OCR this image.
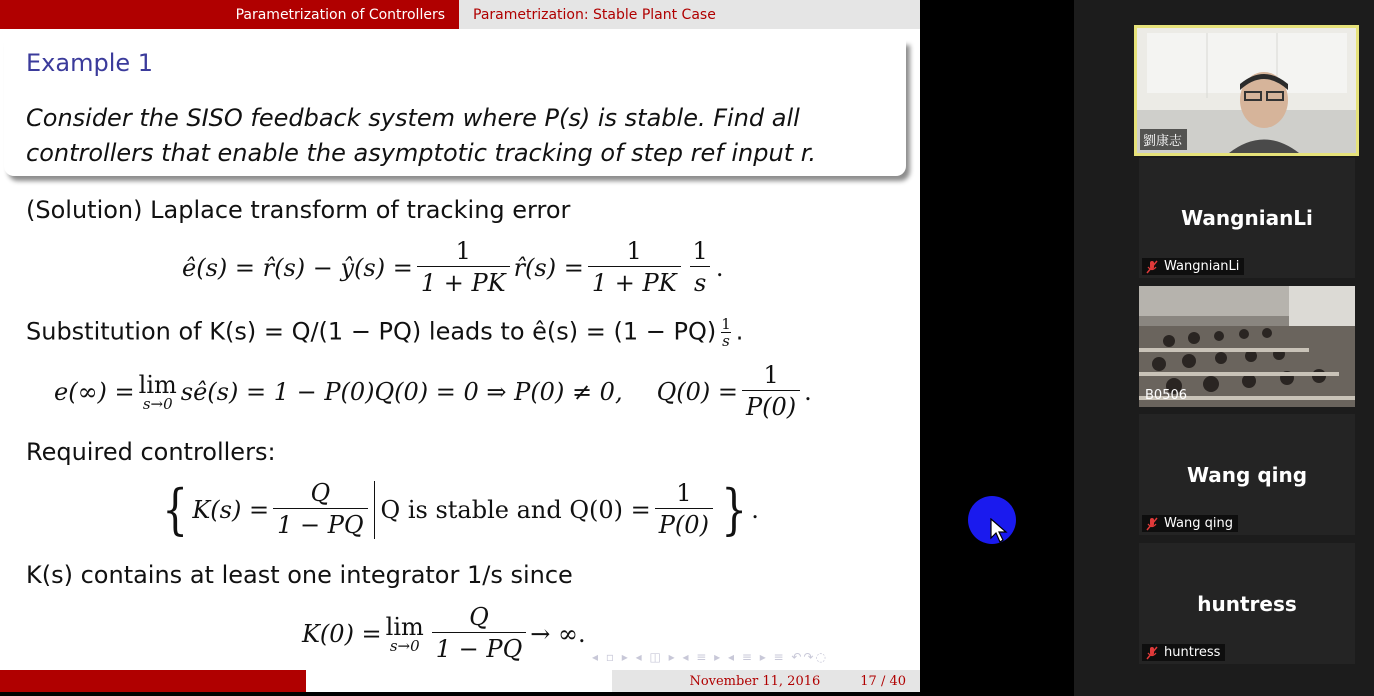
Parametrization of Controllers	Parametrization: Stable Plant Case
Example 1
Consider the SISO feedback system where P(s) is stable. Find all
controllers that enable the asymptotic tracking of step ref input r.
(Solution) Laplace transform of tracking error
ê(s) = r̂(s) − ŷ(s) = $\frac{1}{1 + PK}$ r̂(s) = $\frac{1}{1 + PK} \frac{1}{s}$ .
Substitution of K(s) = Q/(1 − PQ) leads to ê(s) = $(1 - PQ) \frac{1}{s}$ .
e(∞) = lim
s→0 sê(s) = 1 − P(0)Q(0) = 0 ⇒ P(0) ≠ 0, $Q(0) = \frac{1}{P(0)}$ .
Required controllers:
{ $K(s) = \frac{Q}{1 - PQ}$ Q is stable and $Q(0) = \frac{1}{P(0)}$ } .
K(s) contains at least one integrator 1/s since
K(0) = lim
$s\to 0 \frac{Q}{1 - PQ}$ → ∞.
◂ ▫ ▸ ◂ ◫ ▸ ◂ ≡ ▸ ◂ ≡ ▸ ≡ ↶↷◌
November 11, 2016	17 / 40
劉康志
WangnianLi
WangnianLi
B0506
Wang qing
Wang qing
huntress
huntress
